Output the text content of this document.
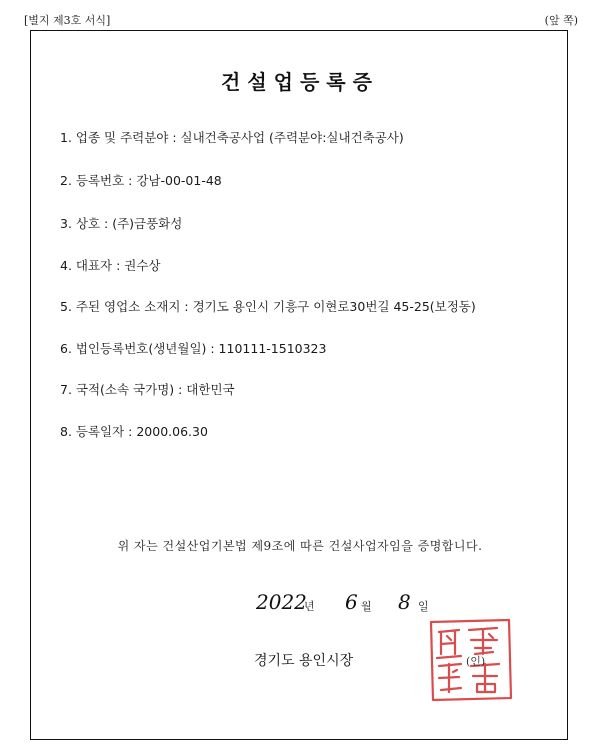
[별지 제3호 서식]	(앞 쪽)
건설업등록증
1. 업종 및 주력분야 : 실내건축공사업 (주력분야:실내건축공사)
2. 등록번호 : 강남-00-01-48
3. 상호 : (주)금풍화성
4. 대표자 : 권수상
5. 주된 영업소 소재지 : 경기도 용인시 기흥구 이현로30번길 45-25(보정동)
6. 법인등록번호(생년월일) : 110111-1510323
7. 국적(소속 국가명) : 대한민국
8. 등록일자 : 2000.06.30
위 자는 건설산업기본법 제9조에 따른 건설사업자임을 증명합니다.
2022
년 6 월 8 일
경기도 용인시장	(인)
